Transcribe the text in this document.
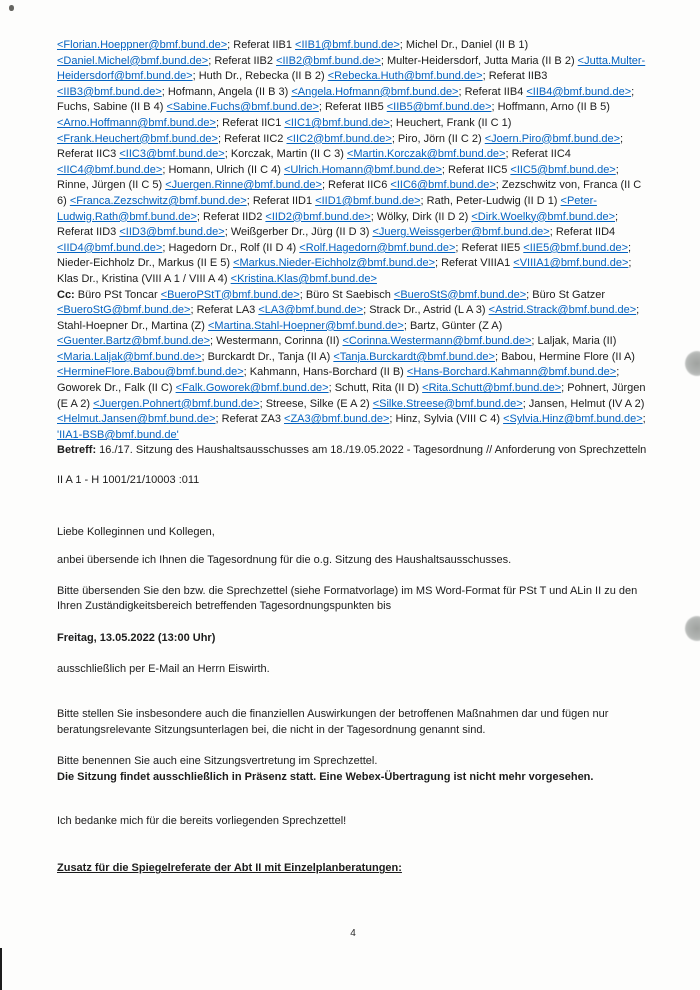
<Florian.Hoeppner@bmf.bund.de>; Referat IIB1 <IIB1@bmf.bund.de>; Michel Dr., Daniel (II B 1) <Daniel.Michel@bmf.bund.de>; Referat IIB2 <IIB2@bmf.bund.de>; Multer-Heidersdorf, Jutta Maria (II B 2) <Jutta.Multer-Heidersdorf@bmf.bund.de>; Huth Dr., Rebecka (II B 2) <Rebecka.Huth@bmf.bund.de>; Referat IIB3 <IIB3@bmf.bund.de>; Hofmann, Angela (II B 3) <Angela.Hofmann@bmf.bund.de>; Referat IIB4 <IIB4@bmf.bund.de>; Fuchs, Sabine (II B 4) <Sabine.Fuchs@bmf.bund.de>; Referat IIB5 <IIB5@bmf.bund.de>; Hoffmann, Arno (II B 5) <Arno.Hoffmann@bmf.bund.de>; Referat IIC1 <IIC1@bmf.bund.de>; Heuchert, Frank (II C 1) <Frank.Heuchert@bmf.bund.de>; Referat IIC2 <IIC2@bmf.bund.de>; Piro, Jörn (II C 2) <Joern.Piro@bmf.bund.de>; Referat IIC3 <IIC3@bmf.bund.de>; Korczak, Martin (II C 3) <Martin.Korczak@bmf.bund.de>; Referat IIC4 <IIC4@bmf.bund.de>; Homann, Ulrich (II C 4) <Ulrich.Homann@bmf.bund.de>; Referat IIC5 <IIC5@bmf.bund.de>; Rinne, Jürgen (II C 5) <Juergen.Rinne@bmf.bund.de>; Referat IIC6 <IIC6@bmf.bund.de>; Zezschwitz von, Franca (II C 6) <Franca.Zezschwitz@bmf.bund.de>; Referat IID1 <IID1@bmf.bund.de>; Rath, Peter-Ludwig (II D 1) <Peter-Ludwig.Rath@bmf.bund.de>; Referat IID2 <IID2@bmf.bund.de>; Wölky, Dirk (II D 2) <Dirk.Woelky@bmf.bund.de>; Referat IID3 <IID3@bmf.bund.de>; Weißgerber Dr., Jürg (II D 3) <Juerg.Weissgerber@bmf.bund.de>; Referat IID4 <IID4@bmf.bund.de>; Hagedorn Dr., Rolf (II D 4) <Rolf.Hagedorn@bmf.bund.de>; Referat IIE5 <IIE5@bmf.bund.de>; Nieder-Eichholz Dr., Markus (II E 5) <Markus.Nieder-Eichholz@bmf.bund.de>; Referat VIIIA1 <VIIIA1@bmf.bund.de>; Klas Dr., Kristina (VIII A 1 / VIII A 4) <Kristina.Klas@bmf.bund.de>

Cc: Büro PSt Toncar <BueroPStT@bmf.bund.de>; Büro St Saebisch <BueroStS@bmf.bund.de>; Büro St Gatzer <BueroStG@bmf.bund.de>; Referat LA3 <LA3@bmf.bund.de>; Strack Dr., Astrid (L A 3) <Astrid.Strack@bmf.bund.de>; Stahl-Hoepner Dr., Martina (Z) <Martina.Stahl-Hoepner@bmf.bund.de>; Bartz, Günter (Z A) <Guenter.Bartz@bmf.bund.de>; Westermann, Corinna (II) <Corinna.Westermann@bmf.bund.de>; Laljak, Maria (II) <Maria.Laljak@bmf.bund.de>; Burckardt Dr., Tanja (II A) <Tanja.Burckardt@bmf.bund.de>; Babou, Hermine Flore (II A) <HermineFlore.Babou@bmf.bund.de>; Kahmann, Hans-Borchard (II B) <Hans-Borchard.Kahmann@bmf.bund.de>; Goworek Dr., Falk (II C) <Falk.Goworek@bmf.bund.de>; Schutt, Rita (II D) <Rita.Schutt@bmf.bund.de>; Pohnert, Jürgen (E A 2) <Juergen.Pohnert@bmf.bund.de>; Streese, Silke (E A 2) <Silke.Streese@bmf.bund.de>; Jansen, Helmut (IV A 2) <Helmut.Jansen@bmf.bund.de>; Referat ZA3 <ZA3@bmf.bund.de>; Hinz, Sylvia (VIII C 4) <Sylvia.Hinz@bmf.bund.de>; 'IIA1-BSB@bmf.bund.de'

Betreff: 16./17. Sitzung des Haushaltsausschusses am 18./19.05.2022 - Tagesordnung // Anforderung von Sprechzetteln

II A 1 - H 1001/21/10003 :011

Liebe Kolleginnen und Kollegen,

anbei übersende ich Ihnen die Tagesordnung für die o.g. Sitzung des Haushaltsausschusses.

Bitte übersenden Sie den bzw. die Sprechzettel (siehe Formatvorlage) im MS Word-Format für PSt T und ALin II zu den Ihren Zuständigkeitsbereich betreffenden Tagesordnungspunkten bis

Freitag, 13.05.2022 (13:00 Uhr)

ausschließlich per E-Mail an Herrn Eiswirth.

Bitte stellen Sie insbesondere auch die finanziellen Auswirkungen der betroffenen Maßnahmen dar und fügen nur beratungsrelevante Sitzungsunterlagen bei, die nicht in der Tagesordnung genannt sind.

Bitte benennen Sie auch eine Sitzungsvertretung im Sprechzettel.

Die Sitzung findet ausschließlich in Präsenz statt. Eine Webex-Übertragung ist nicht mehr vorgesehen.

Ich bedanke mich für die bereits vorliegenden Sprechzettel!

Zusatz für die Spiegelreferate der Abt II mit Einzelplanberatungen:

4
